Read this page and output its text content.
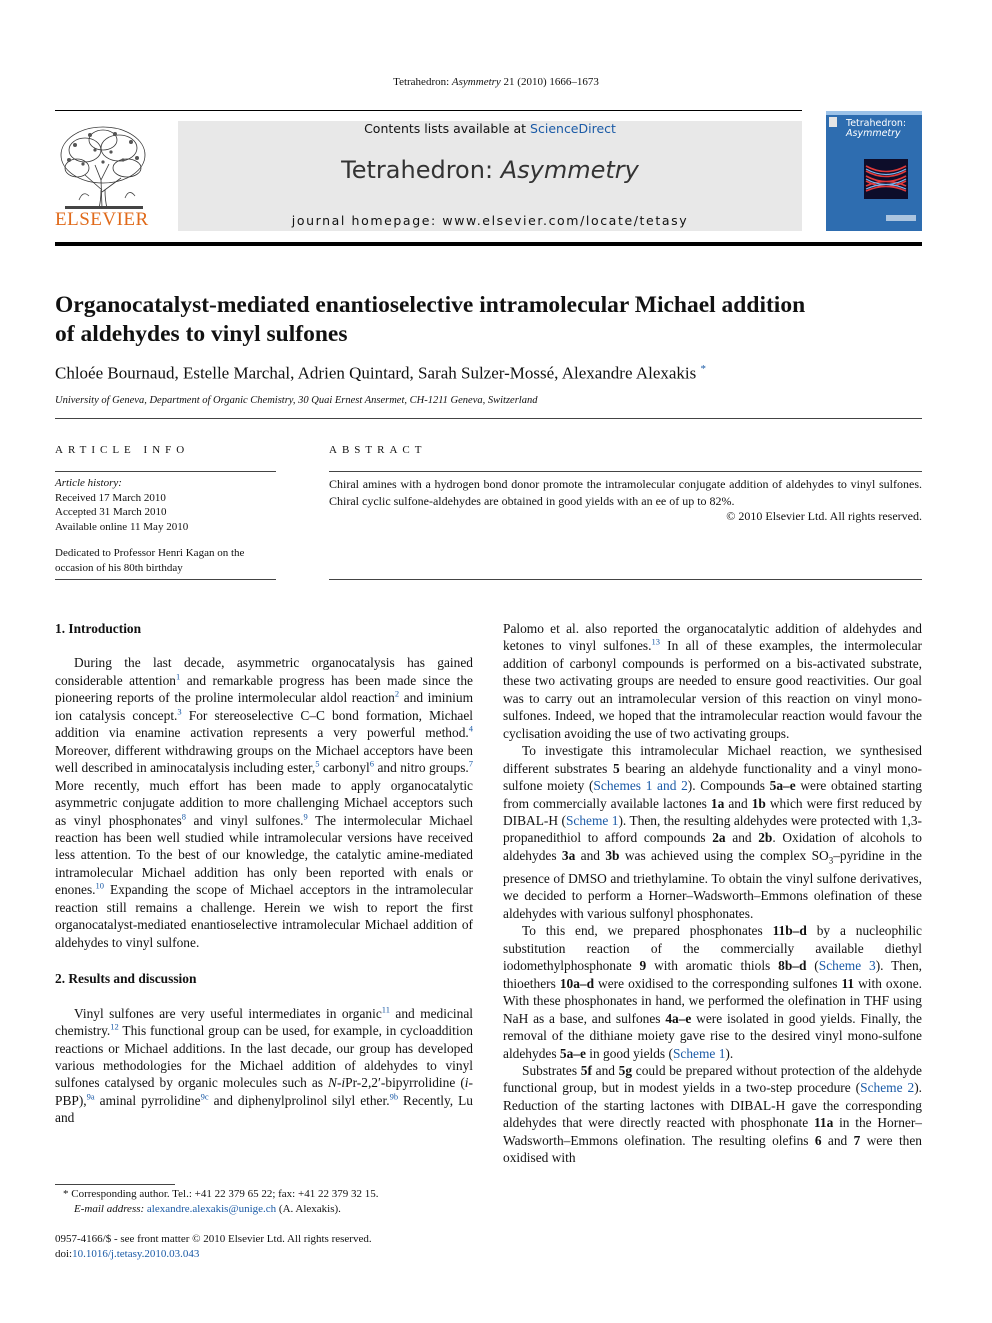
Tetrahedron: Asymmetry 21 (2010) 1666–1673
ELSEVIER
Contents lists available at ScienceDirect
Tetrahedron: Asymmetry
journal homepage: www.elsevier.com/locate/tetasy
Tetrahedron:
Asymmetry
Organocatalyst-mediated enantioselective intramolecular Michael addition
of aldehydes to vinyl sulfones
Chloée Bournaud, Estelle Marchal, Adrien Quintard, Sarah Sulzer-Mossé, Alexandre Alexakis *
University of Geneva, Department of Organic Chemistry, 30 Quai Ernest Ansermet, CH-1211 Geneva, Switzerland
ARTICLE INFO	ABSTRACT
Article history:
Received 17 March 2010
Accepted 31 March 2010
Available online 11 May 2010
Dedicated to Professor Henri Kagan on the
occasion of his 80th birthday
Chiral amines with a hydrogen bond donor promote the intramolecular conjugate addition of aldehydes to vinyl sulfones. Chiral cyclic sulfone-aldehydes are obtained in good yields with an ee of up to 82%.
© 2010 Elsevier Ltd. All rights reserved.
1. Introduction

During the last decade, asymmetric organocatalysis has gained considerable attention$^1$ and remarkable progress has been made since the pioneering reports of the proline intermolecular aldol reaction$^2$ and iminium ion catalysis concept.$^3$ For stereoselective C–C bond formation, Michael addition via enamine activation represents a very powerful method.$^4$ Moreover, different withdrawing groups on the Michael acceptors have been well described in aminocatalysis including ester,$^5$ carbonyl$^6$ and nitro groups.$^7$ More recently, much effort has been made to apply organocatalytic asymmetric conjugate addition to more challenging Michael acceptors such as vinyl phosphonates$^8$ and vinyl sulfones.$^9$ The intermolecular Michael reaction has been well studied while intramolecular versions have received less attention. To the best of our knowledge, the catalytic amine-mediated intramolecular Michael addition has only been reported with enals or enones.$^{10}$ Expanding the scope of Michael acceptors in the intramolecular reaction still remains a challenge. Herein we wish to report the first organocatalyst-mediated enantioselective intramolecular Michael addition of aldehydes to vinyl sulfone.

2. Results and discussion

Vinyl sulfones are very useful intermediates in organic$^{11}$ and medicinal chemistry.$^{12}$ This functional group can be used, for example, in cycloaddition reactions or Michael additions. In the last decade, our group has developed various methodologies for the Michael addition of aldehydes to vinyl sulfones catalysed by organic molecules such as N-iPr-2,2′-bipyrrolidine (i-PBP),$^{9a}$ aminal pyrrolidine$^{9c}$ and diphenylprolinol silyl ether.$^{9b}$ Recently, Lu and

Palomo et al. also reported the organocatalytic addition of aldehydes and ketones to vinyl sulfones.$^{13}$ In all of these examples, the intermolecular addition of carbonyl compounds is performed on a bis-activated substrate, these two activating groups are needed to ensure good reactivities. Our goal was to carry out an intramolecular version of this reaction on vinyl mono-sulfones. Indeed, we hoped that the intramolecular reaction would favour the cyclisation avoiding the use of two activating groups.

To investigate this intramolecular Michael reaction, we synthesised different substrates 5 bearing an aldehyde functionality and a vinyl mono-sulfone moiety (Schemes 1 and 2). Compounds 5a–e were obtained starting from commercially available lactones 1a and 1b which were first reduced by DIBAL-H (Scheme 1). Then, the resulting aldehydes were protected with 1,3-propanedithiol to afford compounds 2a and 2b. Oxidation of alcohols to aldehydes 3a and 3b was achieved using the complex $SO_3$–pyridine in the presence of DMSO and triethylamine. To obtain the vinyl sulfone derivatives, we decided to perform a Horner–Wadsworth–Emmons olefination of these aldehydes with various sulfonyl phosphonates.

To this end, we prepared phosphonates 11b–d by a nucleophilic substitution reaction of the commercially available diethyl iodomethylphosphonate 9 with aromatic thiols 8b–d (Scheme 3). Then, thioethers 10a–d were oxidised to the corresponding sulfones 11 with oxone. With these phosphonates in hand, we performed the olefination in THF using NaH as a base, and sulfones 4a–e were isolated in good yields. Finally, the removal of the dithiane moiety gave rise to the desired vinyl mono-sulfone aldehydes 5a–e in good yields (Scheme 1).

Substrates 5f and 5g could be prepared without protection of the aldehyde functional group, but in modest yields in a two-step procedure (Scheme 2). Reduction of the starting lactones with DIBAL-H gave the corresponding aldehydes that were directly reacted with phosphonate 11a in the Horner–Wadsworth–Emmons olefination. The resulting olefins 6 and 7 were then oxidised with

* Corresponding author. Tel.: +41 22 379 65 22; fax: +41 22 379 32 15.
E-mail address: alexandre.alexakis@unige.ch (A. Alexakis).
0957-4166/$ - see front matter © 2010 Elsevier Ltd. All rights reserved.
doi:10.1016/j.tetasy.2010.03.043
